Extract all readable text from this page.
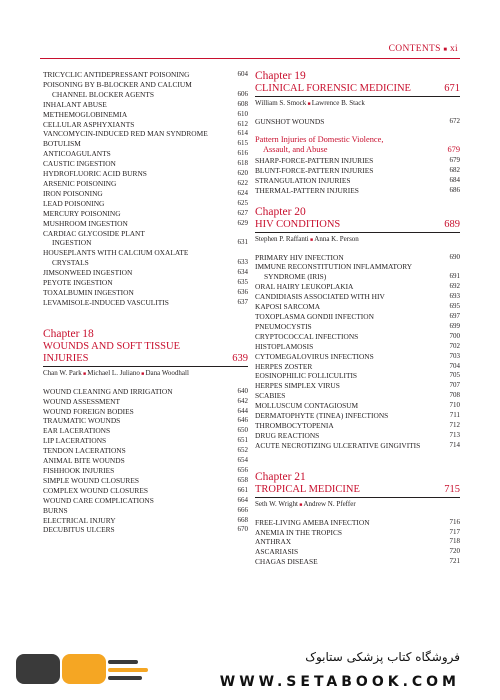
CONTENTS ■ xi
TRICYCLIC ANTIDEPRESSANT POISONING	604
POISONING BY B-BLOCKER AND CALCIUM
CHANNEL BLOCKER AGENTS	606
INHALANT ABUSE	608
METHEMOGLOBINEMIA	610
CELLULAR ASPHYXIANTS	612
VANCOMYCIN-INDUCED RED MAN SYNDROME	614
BOTULISM	615
ANTICOAGULANTS	616
CAUSTIC INGESTION	618
HYDROFLUORIC ACID BURNS	620
ARSENIC POISONING	622
IRON POISONING	624
LEAD POISONING	625
MERCURY POISONING	627
MUSHROOM INGESTION	629
CARDIAC GLYCOSIDE PLANT
INGESTION	631
HOUSEPLANTS WITH CALCIUM OXALATE
CRYSTALS	633
JIMSONWEED INGESTION	634
PEYOTE INGESTION	635
TOXALBUMIN INGESTION	636
LEVAMISOLE-INDUCED VASCULITIS	637
Chapter 18
WOUNDS AND SOFT TISSUE
INJURIES	639
Chan W. Park ■ Michael L. Juliano ■ Dana Woodhall
WOUND CLEANING AND IRRIGATION	640
WOUND ASSESSMENT	642
WOUND FOREIGN BODIES	644
TRAUMATIC WOUNDS	646
EAR LACERATIONS	650
LIP LACERATIONS	651
TENDON LACERATIONS	652
ANIMAL BITE WOUNDS	654
FISHHOOK INJURIES	656
SIMPLE WOUND CLOSURES	658
COMPLEX WOUND CLOSURES	661
WOUND CARE COMPLICATIONS	664
BURNS	666
ELECTRICAL INJURY	668
DECUBITUS ULCERS	670
Chapter 19
CLINICAL FORENSIC MEDICINE	671
William S. Smock ■ Lawrence B. Stack
GUNSHOT WOUNDS	672
Pattern Injuries of Domestic Violence,
Assault, and Abuse	679
SHARP-FORCE-PATTERN INJURIES	679
BLUNT-FORCE-PATTERN INJURIES	682
STRANGULATION INJURIES	684
THERMAL-PATTERN INJURIES	686
Chapter 20
HIV CONDITIONS	689
Stephen P. Raffanti ■ Anna K. Person
PRIMARY HIV INFECTION	690
IMMUNE RECONSTITUTION INFLAMMATORY
SYNDROME (IRIS)	691
ORAL HAIRY LEUKOPLAKIA	692
CANDIDIASIS ASSOCIATED WITH HIV	693
KAPOSI SARCOMA	695
TOXOPLASMA GONDII INFECTION	697
PNEUMOCYSTIS	699
CRYPTOCOCCAL INFECTIONS	700
HISTOPLAMOSIS	702
CYTOMEGALOVIRUS INFECTIONS	703
HERPES ZOSTER	704
EOSINOPHILIC FOLLICULITIS	705
HERPES SIMPLEX VIRUS	707
SCABIES	708
MOLLUSCUM CONTAGIOSUM	710
DERMATOPHYTE (TINEA) INFECTIONS	711
THROMBOCYTOPENIA	712
DRUG REACTIONS	713
ACUTE NECROTIZING ULCERATIVE GINGIVITIS	714
Chapter 21
TROPICAL MEDICINE	715
Seth W. Wright ■ Andrew N. Pfeffer
FREE-LIVING AMEBA INFECTION	716
ANEMIA IN THE TROPICS	717
ANTHRAX	718
ASCARIASIS	720
CHAGAS DISEASE	721
فروشگاه کتاب پزشکی ستابوک
WWW.SETABOOK.COM
